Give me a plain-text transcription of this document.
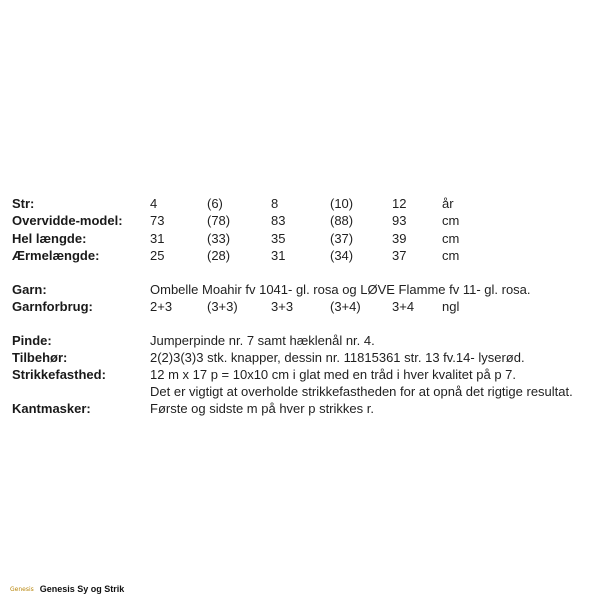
Str:	4	(6)	8	(10)	12	år
Overvidde-model: 73	(78)	83	(88)	93	cm
Hel længde:	31	(33)	35	(37)	39	cm
Ærmelængde:	25	(28)	31	(34)	37	cm
Garn:	Ombelle Moahir fv 1041- gl. rosa og LØVE Flamme fv 11- gl. rosa.
Garnforbrug:	2+3	(3+3)	3+3	(3+4) 3+4 ngl
Pinde:	Jumperpinde nr. 7 samt hæklenål nr. 4.
Tilbehør:	2(2)3(3)3 stk. knapper, dessin nr. 11815361 str. 13 fv.14- lyserød.
Strikkefasthed:	12 m x 17 p = 10x10 cm i glat med en tråd i hver kvalitet på p 7.
Det er vigtigt at overholde strikkefastheden for at opnå det rigtige resultat.
Kantmasker:	Første og sidste m på hver p strikkes r.
Genesis Genesis Sy og Strik
